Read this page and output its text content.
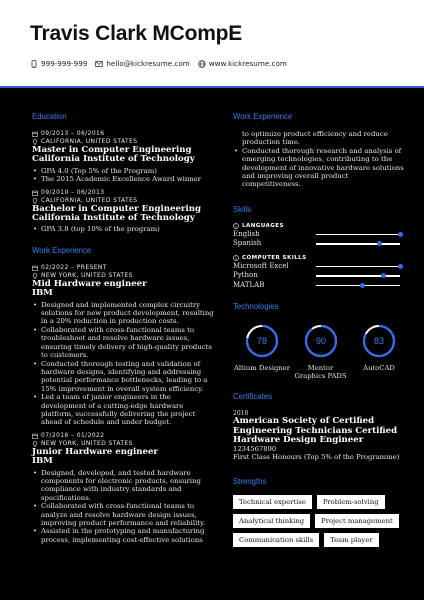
Travis Clark MCompE
999-999-999	hello@kickresume.com	www.kickresume.com
Education
09/2013 – 06/2016
CALIFORNIA, UNITED STATES
Master in Computer Engineering
California Institute of Technology
• GPA 4.0 (Top 5% of the Program)
• The 2015 Academic Excellence Award winner
09/2010 – 06/2013
CALIFORNIA, UNITED STATES
Bachelor in Computer Engineering
California Institute of Technology
• GPA 3.8 (top 10% of the program)
Work Experience
02/2022 – PRESENT
NEW YORK, UNITED STATES
Mid Hardware engineer
IBM
• Designed and implemented complex circuitry solutions for new product development, resulting in a 20% reduction in production costs.
• Collaborated with cross-functional teams to troubleshoot and resolve hardware issues, ensuring timely delivery of high-quality products to customers.
• Conducted thorough testing and validation of hardware designs, identifying and addressing potential performance bottlenecks, leading to a 15% improvement in overall system efficiency.
• Led a team of junior engineers in the development of a cutting-edge hardware platform, successfully delivering the project ahead of schedule and under budget.
07/2016 – 01/2022
NEW YORK, UNITED STATES
Junior Hardware engineer
IBM
• Designed, developed, and tested hardware components for electronic products, ensuring compliance with industry standards and specifications.
• Collaborated with cross-functional teams to analyze and resolve hardware design issues, improving product performance and reliability.
• Assisted in the prototyping and manufacturing process, implementing cost-effective solutions
Work Experience
to optimize product efficiency and reduce production time.
• Conducted thorough research and analysis of emerging technologies, contributing to the development of innovative hardware solutions and improving overall product competitiveness.
Skills
LANGUAGES
English
Spanish
COMPUTER SKILLS
Microsoft Excel
Python
MATLAB
Technologies
78
Altium Designer
90
Mentor Graphics PADS
83
AutoCAD
Certificates
2018
American Society of Certified Engineering Technicians Certified Hardware Design Engineer
1234567890
First Class Honours (Top 5% of the Programme)
Strengths
Technical expertise	Problem-solving
Analytical thinking	Project management
Communication skills	Team player
